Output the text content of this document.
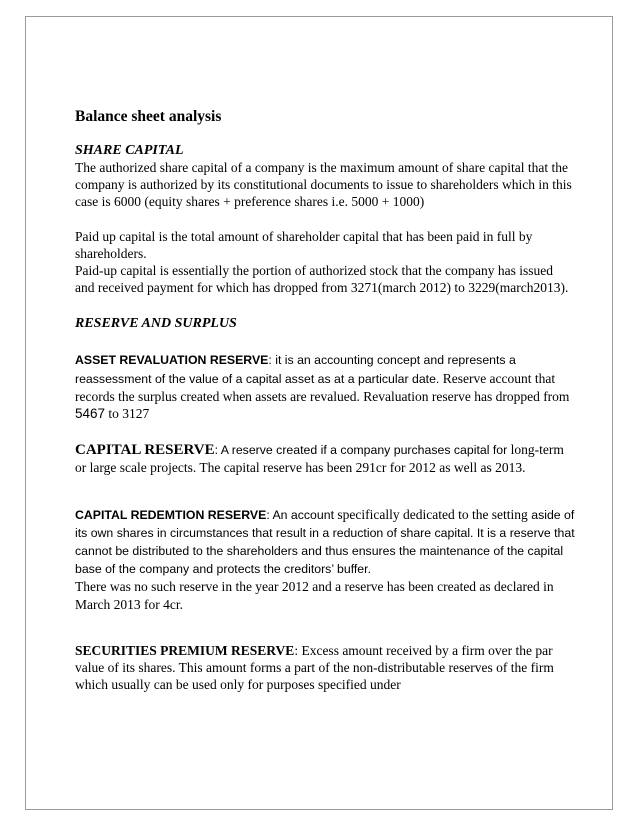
Balance sheet analysis
SHARE CAPITAL

The authorized share capital of a company is the maximum amount of share capital that the company is authorized by its constitutional documents to issue to shareholders which in this case is 6000 (equity shares + preference shares i.e. 5000 + 1000)

Paid up capital is the total amount of shareholder capital that has been paid in full by shareholders.

Paid-up capital is essentially the portion of authorized stock that the company has issued and received payment for which has dropped from 3271(march 2012) to 3229(march2013).

RESERVE AND SURPLUS

ASSET REVALUATION RESERVE: it is an accounting concept and represents a reassessment of the value of a capital asset as at a particular date. Reserve account that records the surplus created when assets are revalued. Revaluation reserve has dropped from 5467 to 3127

CAPITAL RESERVE: A reserve created if a company purchases capital for long-term or large scale projects. The capital reserve has been 291cr for 2012 as well as 2013.

CAPITAL REDEMTION RESERVE: An account specifically dedicated to the setting aside of its own shares in circumstances that result in a reduction of share capital. It is a reserve that cannot be distributed to the shareholders and thus ensures the maintenance of the capital base of the company and protects the creditors’ buffer.

There was no such reserve in the year 2012 and a reserve has been created as declared in March 2013 for 4cr.

SECURITIES PREMIUM RESERVE: Excess amount received by a firm over the par value of its shares. This amount forms a part of the non-distributable reserves of the firm which usually can be used only for purposes specified under
